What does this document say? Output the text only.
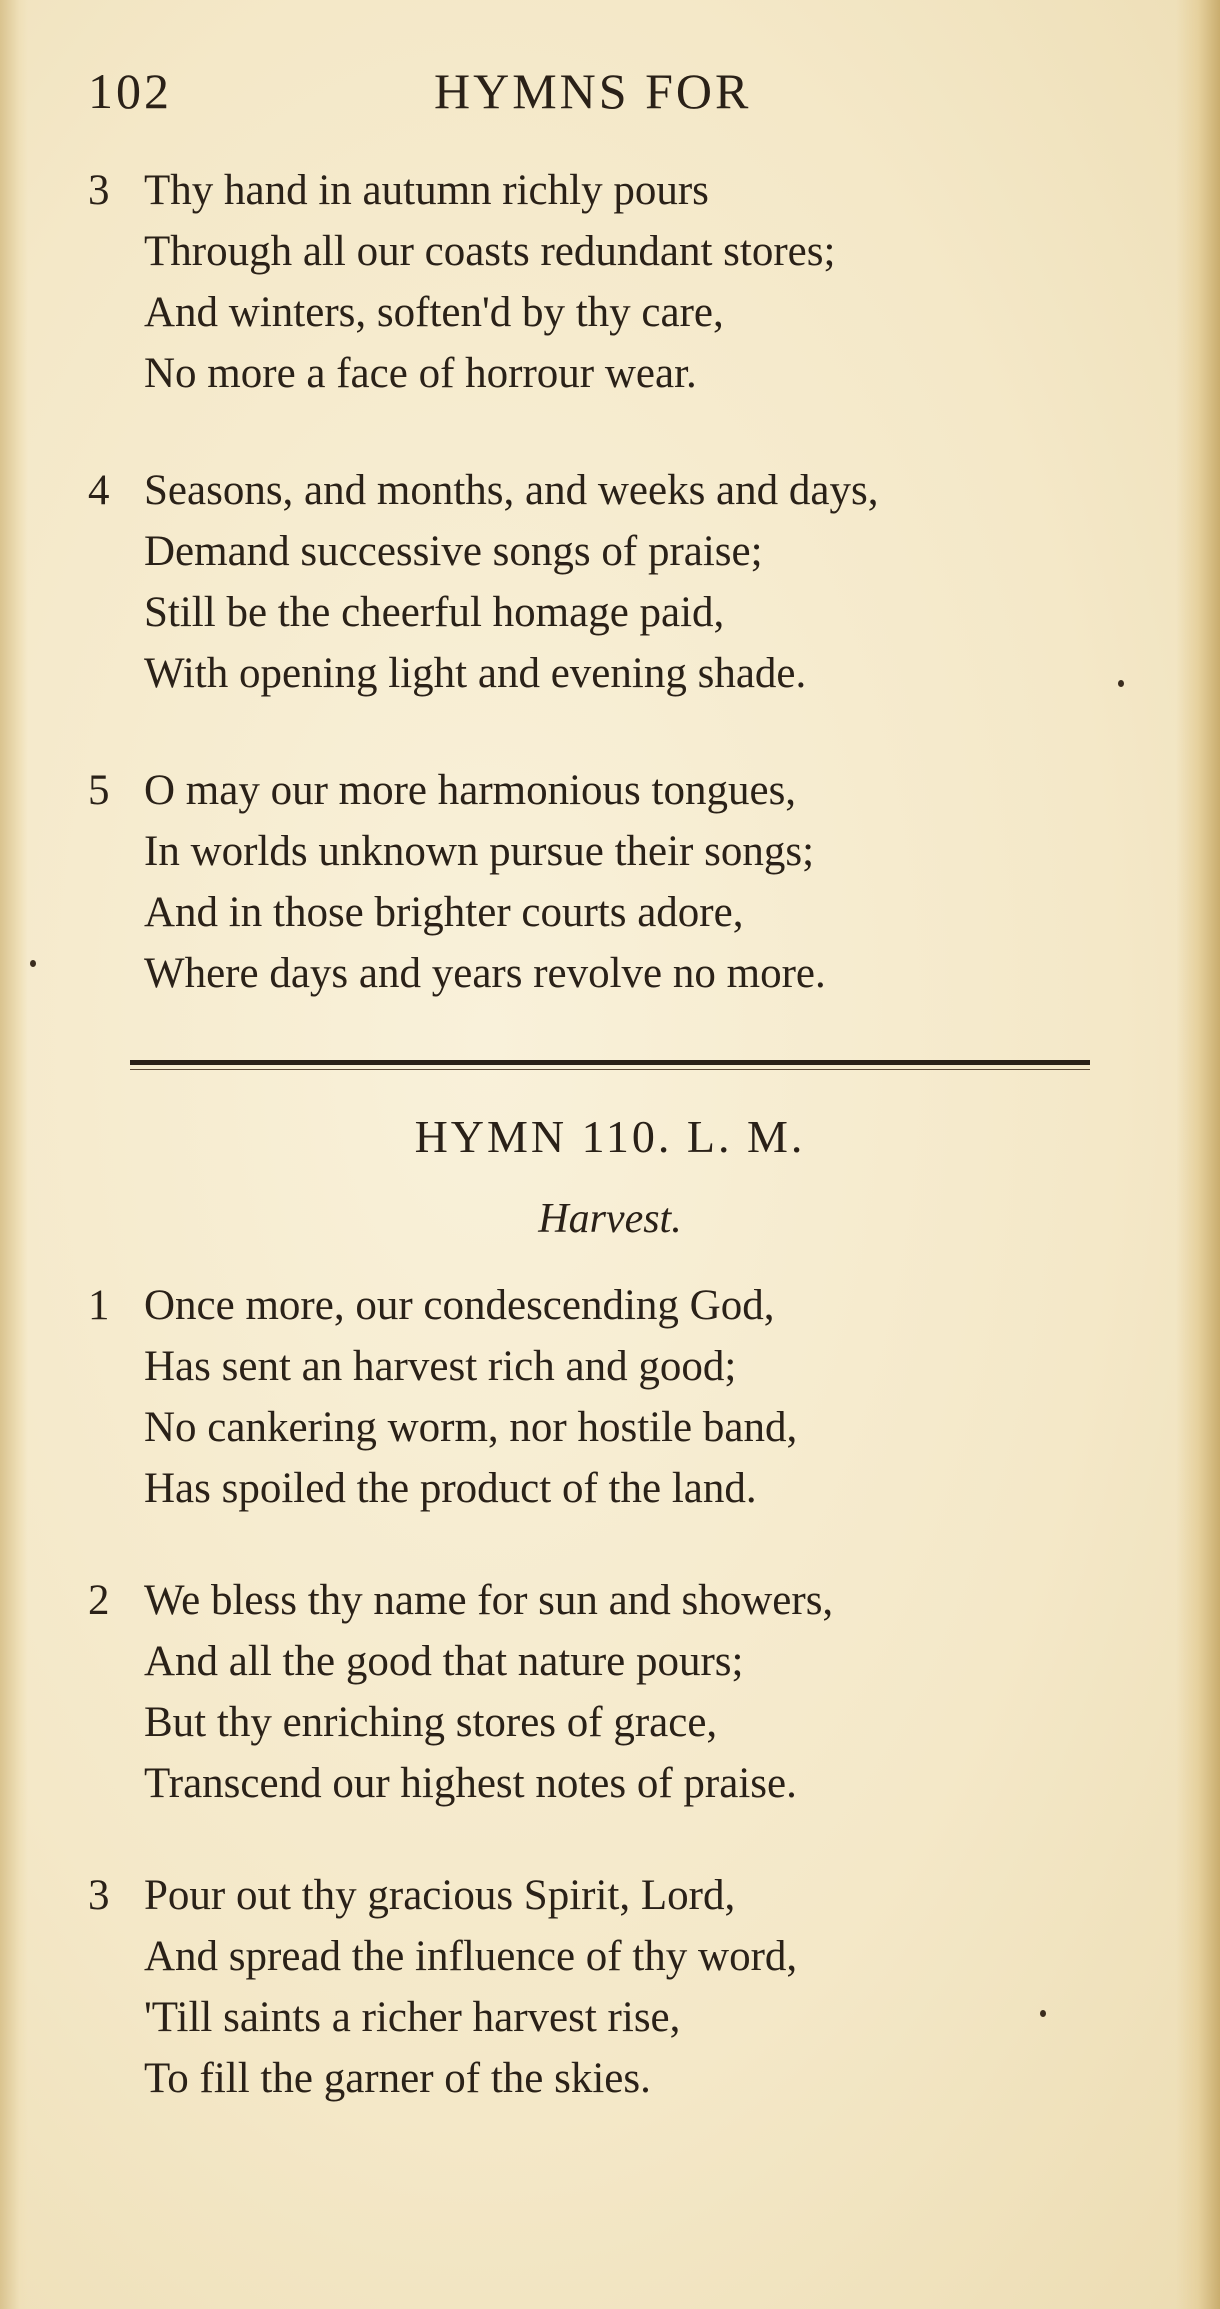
102	HYMNS FOR
3 Thy hand in autumn richly pours
Through all our coasts redundant stores;
And winters, soften'd by thy care,
No more a face of horrour wear.
4 Seasons, and months, and weeks and days,
Demand successive songs of praise;
Still be the cheerful homage paid,
With opening light and evening shade.
5 O may our more harmonious tongues,
In worlds unknown pursue their songs;
And in those brighter courts adore,
Where days and years revolve no more.
HYMN 110. L. M.
Harvest.
1 Once more, our condescending God,
Has sent an harvest rich and good;
No cankering worm, nor hostile band,
Has spoiled the product of the land.
2 We bless thy name for sun and showers,
And all the good that nature pours;
But thy enriching stores of grace,
Transcend our highest notes of praise.
3 Pour out thy gracious Spirit, Lord,
And spread the influence of thy word,
'Till saints a richer harvest rise,
To fill the garner of the skies.
